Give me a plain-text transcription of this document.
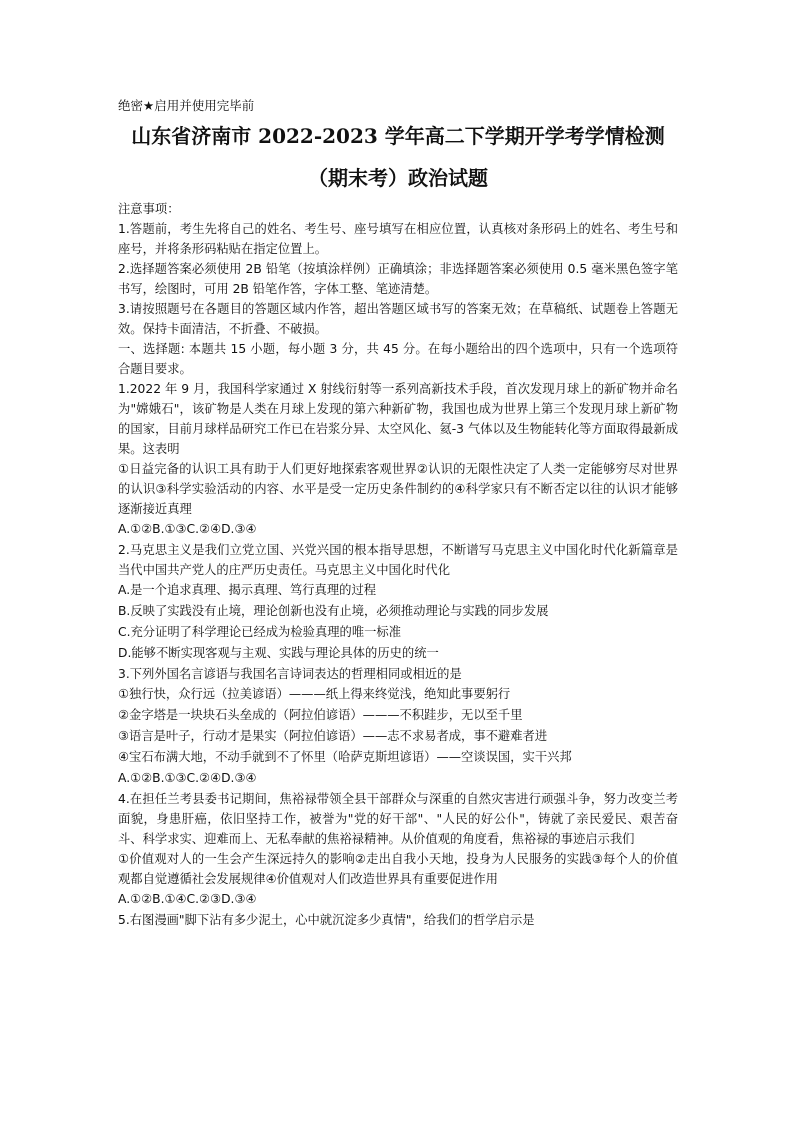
绝密★启用并使用完毕前
山东省济南市 2022-2023 学年高二下学期开学考学情检测
（期末考）政治试题

注意事项：

1.答题前，考生先将自己的姓名、考生号、座号填写在相应位置，认真核对条形码上的姓名、考生号和座号，并将条形码粘贴在指定位置上。

2.选择题答案必须使用 2B 铅笔（按填涂样例）正确填涂；非选择题答案必须使用 0.5 毫米黑色签字笔书写，绘图时，可用 2B 铅笔作答，字体工整、笔迹清楚。

3.请按照题号在各题目的答题区域内作答，超出答题区域书写的答案无效；在草稿纸、试题卷上答题无效。保持卡面清洁，不折叠、不破损。

一、选择题: 本题共 15 小题，每小题 3 分，共 45 分。在每小题给出的四个选项中，只有一个选项符合题目要求。

1.2022 年 9 月，我国科学家通过 X 射线衍射等一系列高新技术手段，首次发现月球上的新矿物并命名为"嫦娥石"，该矿物是人类在月球上发现的第六种新矿物，我国也成为世界上第三个发现月球上新矿物的国家，目前月球样品研究工作已在岩浆分异、太空风化、氦-3 气体以及生物能转化等方面取得最新成果。这表明

①日益完备的认识工具有助于人们更好地探索客观世界②认识的无限性决定了人类一定能够穷尽对世界的认识③科学实验活动的内容、水平是受一定历史条件制约的④科学家只有不断否定以往的认识才能够逐渐接近真理

A.①②B.①③C.②④D.③④

2.马克思主义是我们立党立国、兴党兴国的根本指导思想，不断谱写马克思主义中国化时代化新篇章是当代中国共产党人的庄严历史责任。马克思主义中国化时代化

A.是一个追求真理、揭示真理、笃行真理的过程
B.反映了实践没有止境，理论创新也没有止境，必须推动理论与实践的同步发展
C.充分证明了科学理论已经成为检验真理的唯一标准
D.能够不断实现客观与主观、实践与理论具体的历史的统一

3.下列外国名言谚语与我国名言诗词表达的哲理相同或相近的是

①独行快，众行远（拉美谚语）———纸上得来终觉浅，绝知此事要躬行
②金字塔是一块块石头垒成的（阿拉伯谚语）———不积跬步，无以至千里
③语言是叶子，行动才是果实（阿拉伯谚语）——志不求易者成，事不避难者进
④宝石布满大地，不动手就到不了怀里（哈萨克斯坦谚语）——空谈误国，实干兴邦
A.①②B.①③C.②④D.③④

4.在担任兰考县委书记期间，焦裕禄带领全县干部群众与深重的自然灾害进行顽强斗争，努力改变兰考面貌，身患肝癌，依旧坚持工作，被誉为"党的好干部"、"人民的好公仆"，铸就了亲民爱民、艰苦奋斗、科学求实、迎难而上、无私奉献的焦裕禄精神。从价值观的角度看，焦裕禄的事迹启示我们

①价值观对人的一生会产生深远持久的影响②走出自我小天地，投身为人民服务的实践③每个人的价值观都自觉遵循社会发展规律④价值观对人们改造世界具有重要促进作用

A.①②B.①④C.②③D.③④

5.右图漫画"脚下沾有多少泥土，心中就沉淀多少真情"，给我们的哲学启示是
